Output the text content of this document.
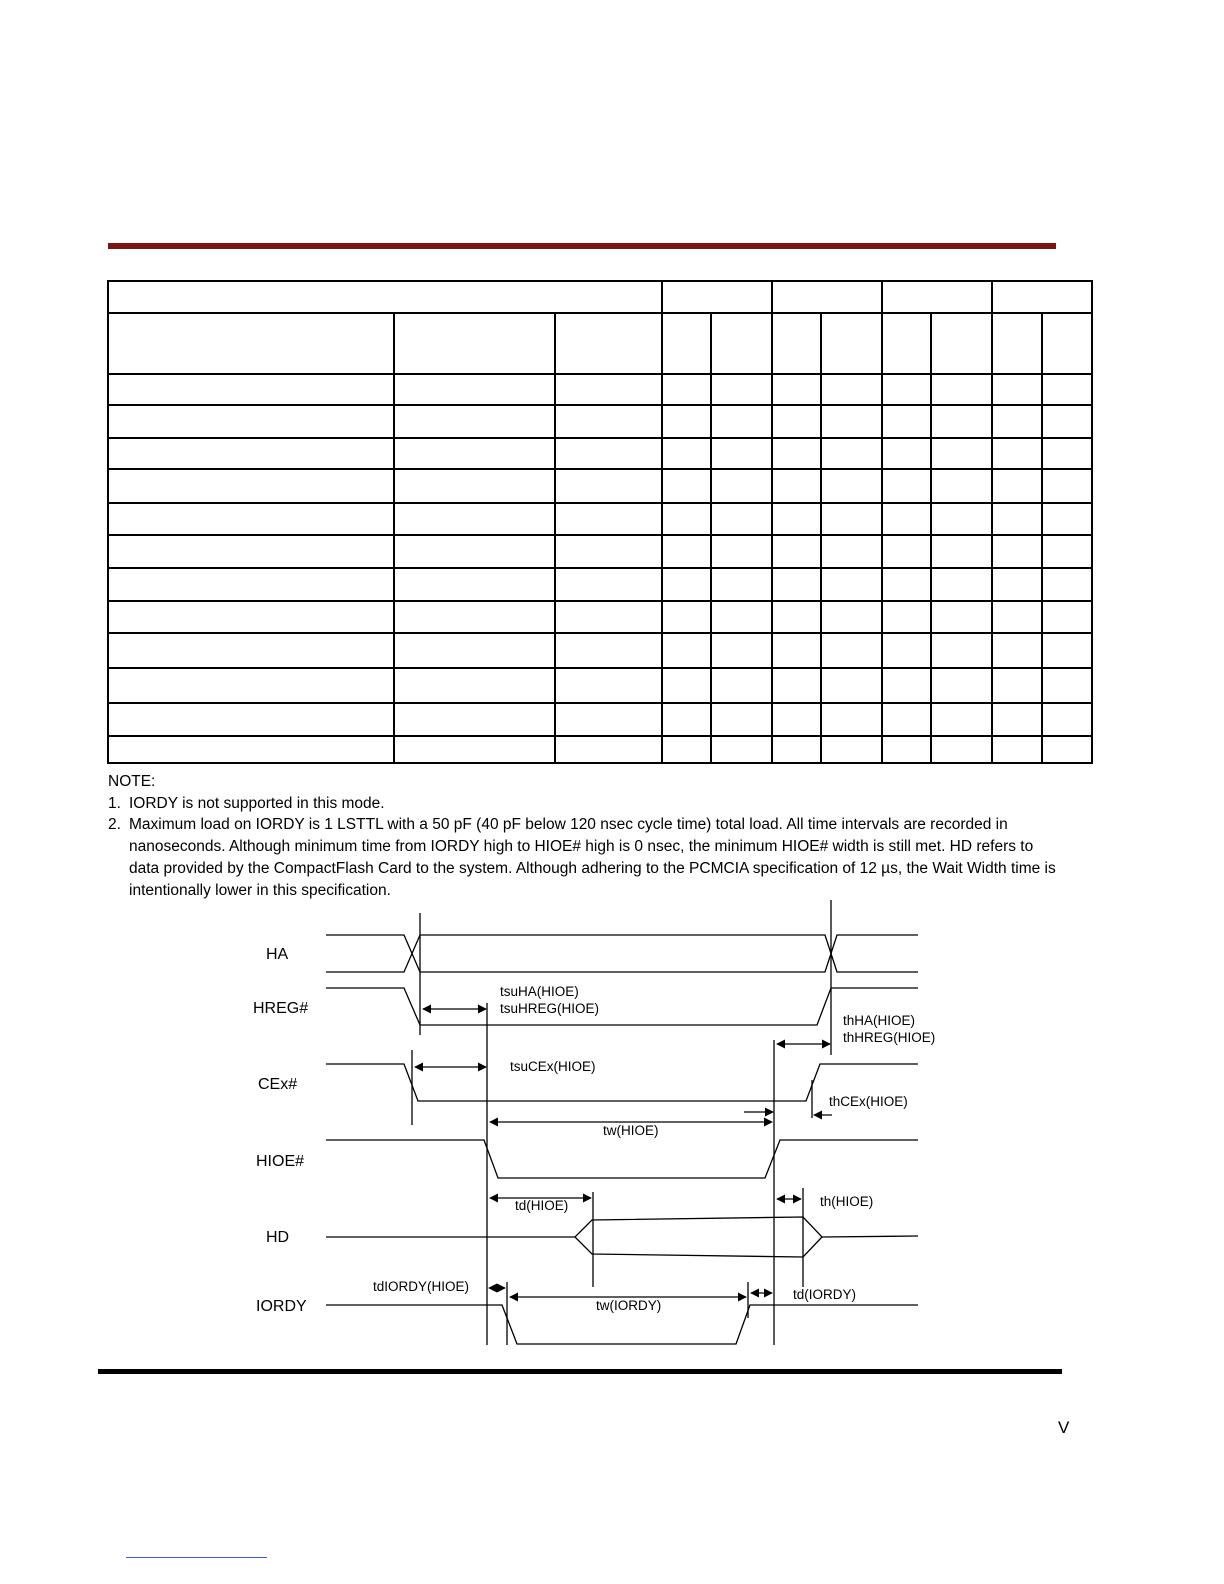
NOTE:
1. IORDY is not supported in this mode.
2. Maximum load on IORDY is 1 LSTTL with a 50 pF (40 pF below 120 nsec cycle time) total load. All time intervals are recorded in nanoseconds. Although minimum time from IORDY high to HIOE# high is 0 nsec, the minimum HIOE# width is still met. HD refers to data provided by the CompactFlash Card to the system. Although adhering to the PCMCIA specification of 12 µs, the Wait Width time is intentionally lower in this specification.
HA
HREG#
CEx#
HIOE#
HD
IORDY
tsuHA(HIOE)
tsuHREG(HIOE)
thHA(HIOE)
thHREG(HIOE)
tsuCEx(HIOE)
thCEx(HIOE)
tw(HIOE)
td(HIOE)	th(HIOE)
tdIORDY(HIOE)
tw(IORDY)
td(IORDY)
V
